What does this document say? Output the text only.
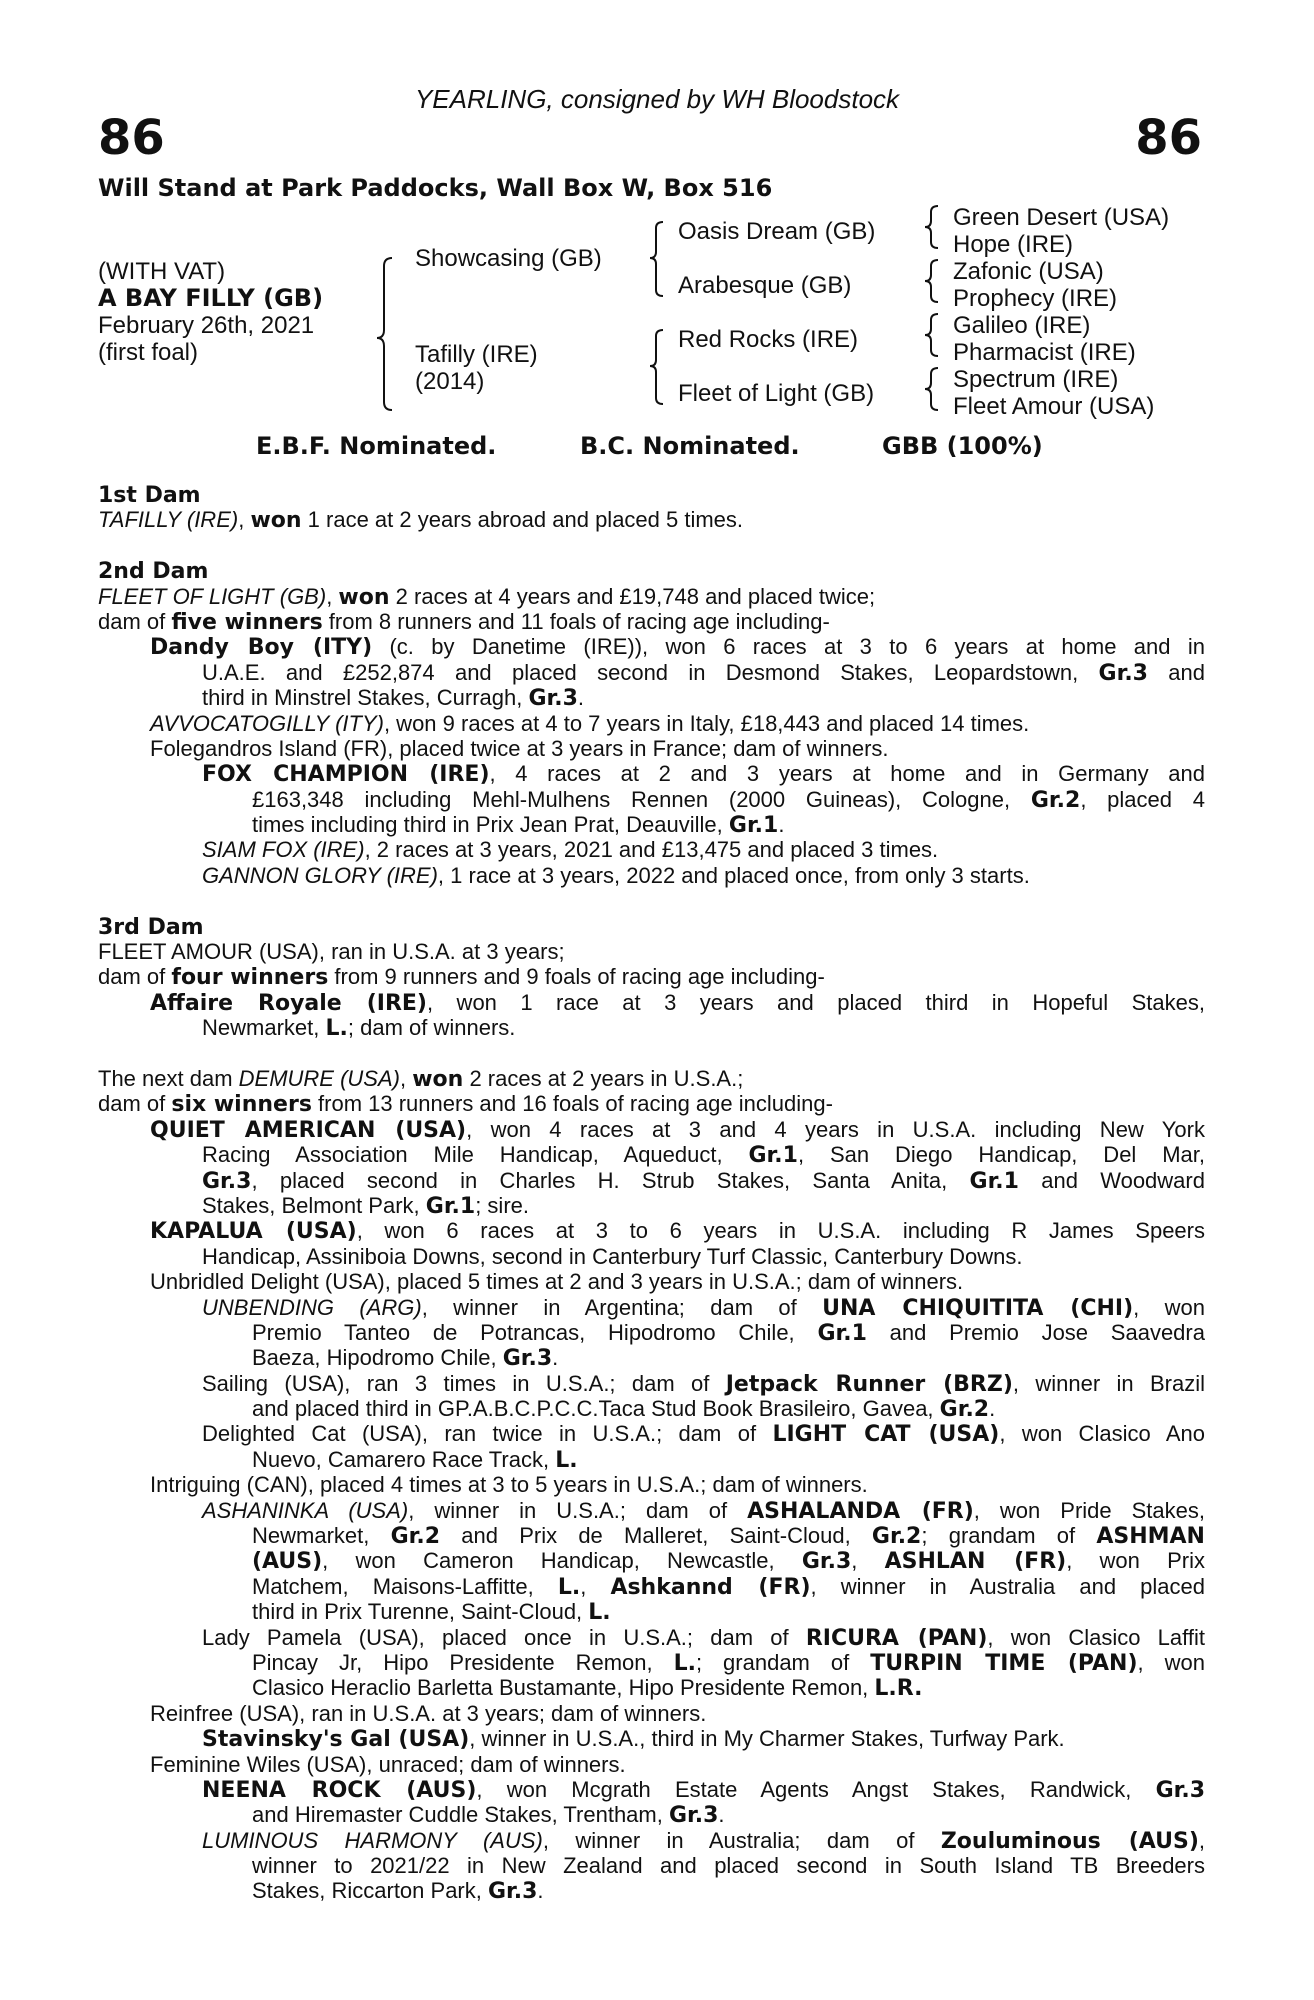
YEARLING, consigned by WH Bloodstock
86	86
Will Stand at Park Paddocks, Wall Box W, Box 516
(WITH VAT)
A BAY FILLY (GB)
February 26th, 2021
(first foal)
Showcasing (GB)
Tafilly (IRE)
(2014)
Oasis Dream (GB)
Arabesque (GB)
Red Rocks (IRE)
Fleet of Light (GB)
Green Desert (USA)
Hope (IRE)
Zafonic (USA)
Prophecy (IRE)
Galileo (IRE)
Pharmacist (IRE)
Spectrum (IRE)
Fleet Amour (USA)
E.B.F. Nominated.	B.C. Nominated.	GBB (100%)
1st Dam
TAFILLY (IRE), won 1 race at 2 years abroad and placed 5 times.
2nd Dam
FLEET OF LIGHT (GB), won 2 races at 4 years and £19,748 and placed twice;
dam of five winners from 8 runners and 11 foals of racing age including-
Dandy Boy (ITY) (c. by Danetime (IRE)), won 6 races at 3 to 6 years at home and in
U.A.E. and £252,874 and placed second in Desmond Stakes, Leopardstown, Gr.3 and
third in Minstrel Stakes, Curragh, Gr.3.
AVVOCATOGILLY (ITY), won 9 races at 4 to 7 years in Italy, £18,443 and placed 14 times.
Folegandros Island (FR), placed twice at 3 years in France; dam of winners.
FOX CHAMPION (IRE), 4 races at 2 and 3 years at home and in Germany and
£163,348 including Mehl-Mulhens Rennen (2000 Guineas), Cologne, Gr.2, placed 4
times including third in Prix Jean Prat, Deauville, Gr.1.
SIAM FOX (IRE), 2 races at 3 years, 2021 and £13,475 and placed 3 times.
GANNON GLORY (IRE), 1 race at 3 years, 2022 and placed once, from only 3 starts.
3rd Dam
FLEET AMOUR (USA), ran in U.S.A. at 3 years;
dam of four winners from 9 runners and 9 foals of racing age including-
Affaire Royale (IRE), won 1 race at 3 years and placed third in Hopeful Stakes,
Newmarket, L.; dam of winners.
The next dam DEMURE (USA), won 2 races at 2 years in U.S.A.;
dam of six winners from 13 runners and 16 foals of racing age including-
QUIET AMERICAN (USA), won 4 races at 3 and 4 years in U.S.A. including New York
Racing Association Mile Handicap, Aqueduct, Gr.1, San Diego Handicap, Del Mar,
Gr.3, placed second in Charles H. Strub Stakes, Santa Anita, Gr.1 and Woodward
Stakes, Belmont Park, Gr.1; sire.
KAPALUA (USA), won 6 races at 3 to 6 years in U.S.A. including R James Speers
Handicap, Assiniboia Downs, second in Canterbury Turf Classic, Canterbury Downs.
Unbridled Delight (USA), placed 5 times at 2 and 3 years in U.S.A.; dam of winners.
UNBENDING (ARG), winner in Argentina; dam of UNA CHIQUITITA (CHI), won
Premio Tanteo de Potrancas, Hipodromo Chile, Gr.1 and Premio Jose Saavedra
Baeza, Hipodromo Chile, Gr.3.
Sailing (USA), ran 3 times in U.S.A.; dam of Jetpack Runner (BRZ), winner in Brazil
and placed third in GP.A.B.C.P.C.C.Taca Stud Book Brasileiro, Gavea, Gr.2.
Delighted Cat (USA), ran twice in U.S.A.; dam of LIGHT CAT (USA), won Clasico Ano
Nuevo, Camarero Race Track, L.
Intriguing (CAN), placed 4 times at 3 to 5 years in U.S.A.; dam of winners.
ASHANINKA (USA), winner in U.S.A.; dam of ASHALANDA (FR), won Pride Stakes,
Newmarket, Gr.2 and Prix de Malleret, Saint-Cloud, Gr.2; grandam of ASHMAN
(AUS), won Cameron Handicap, Newcastle, Gr.3, ASHLAN (FR), won Prix
Matchem, Maisons-Laffitte, L., Ashkannd (FR), winner in Australia and placed
third in Prix Turenne, Saint-Cloud, L.
Lady Pamela (USA), placed once in U.S.A.; dam of RICURA (PAN), won Clasico Laffit
Pincay Jr, Hipo Presidente Remon, L.; grandam of TURPIN TIME (PAN), won
Clasico Heraclio Barletta Bustamante, Hipo Presidente Remon, L.R.
Reinfree (USA), ran in U.S.A. at 3 years; dam of winners.
Stavinsky's Gal (USA), winner in U.S.A., third in My Charmer Stakes, Turfway Park.
Feminine Wiles (USA), unraced; dam of winners.
NEENA ROCK (AUS), won Mcgrath Estate Agents Angst Stakes, Randwick, Gr.3
and Hiremaster Cuddle Stakes, Trentham, Gr.3.
LUMINOUS HARMONY (AUS), winner in Australia; dam of Zouluminous (AUS),
winner to 2021/22 in New Zealand and placed second in South Island TB Breeders
Stakes, Riccarton Park, Gr.3.
